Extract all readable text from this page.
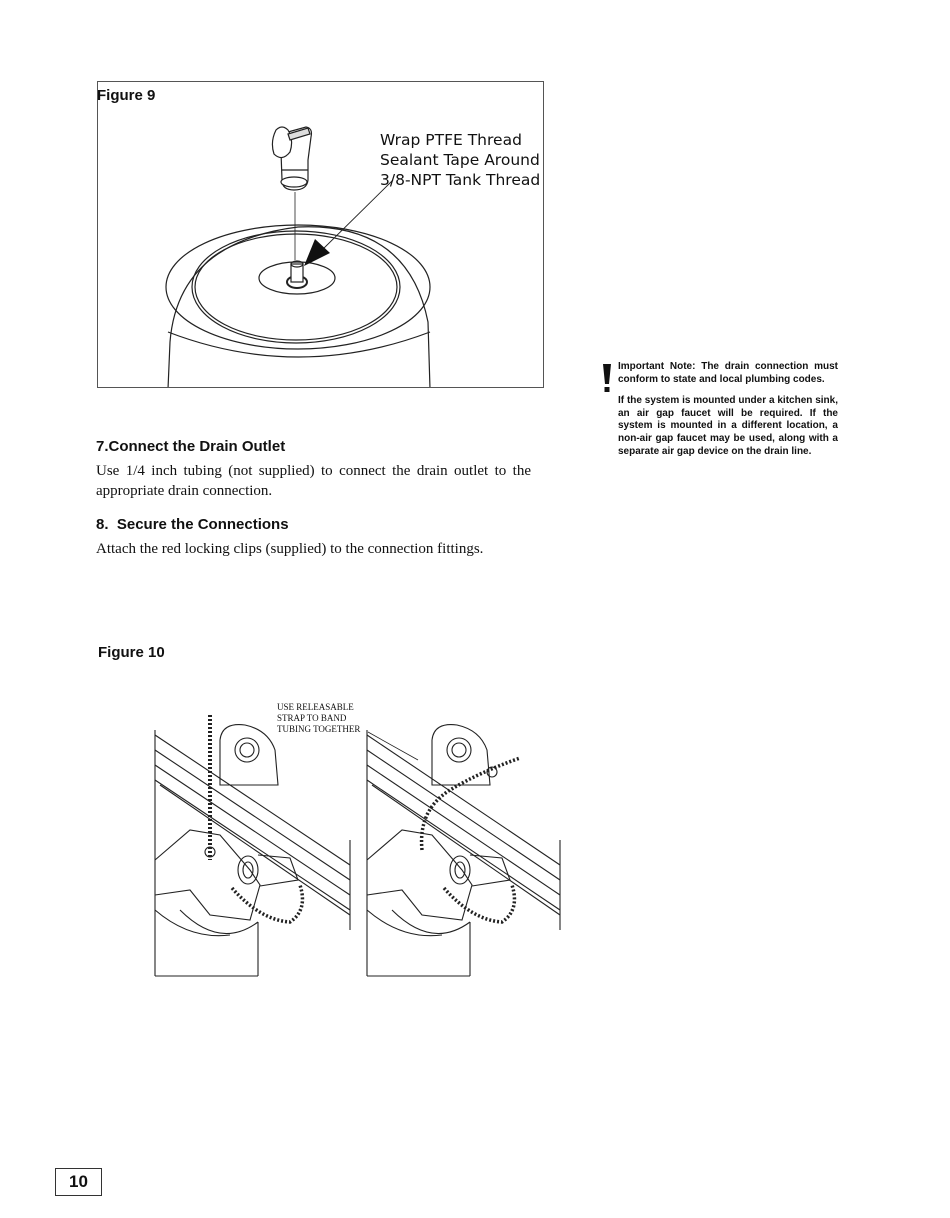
Figure 9
Wrap PTFE Thread
Sealant Tape Around
3/8-NPT Tank Thread
7.Connect the Drain Outlet
Use 1/4 inch tubing (not supplied) to connect the drain outlet to the appropriate drain connection.
8.  Secure the Connections
Attach the red locking clips (supplied) to the connection fittings.
Important Note: The drain connection must conform to state and local plumbing codes.
If the system is mounted under a kitchen sink, an air gap faucet will be required. If the system is mounted in a different location, a non-air gap faucet may be used, along with a separate air gap device on the drain line.
Figure 10
USE RELEASABLE
STRAP TO BAND
TUBING TOGETHER
10
